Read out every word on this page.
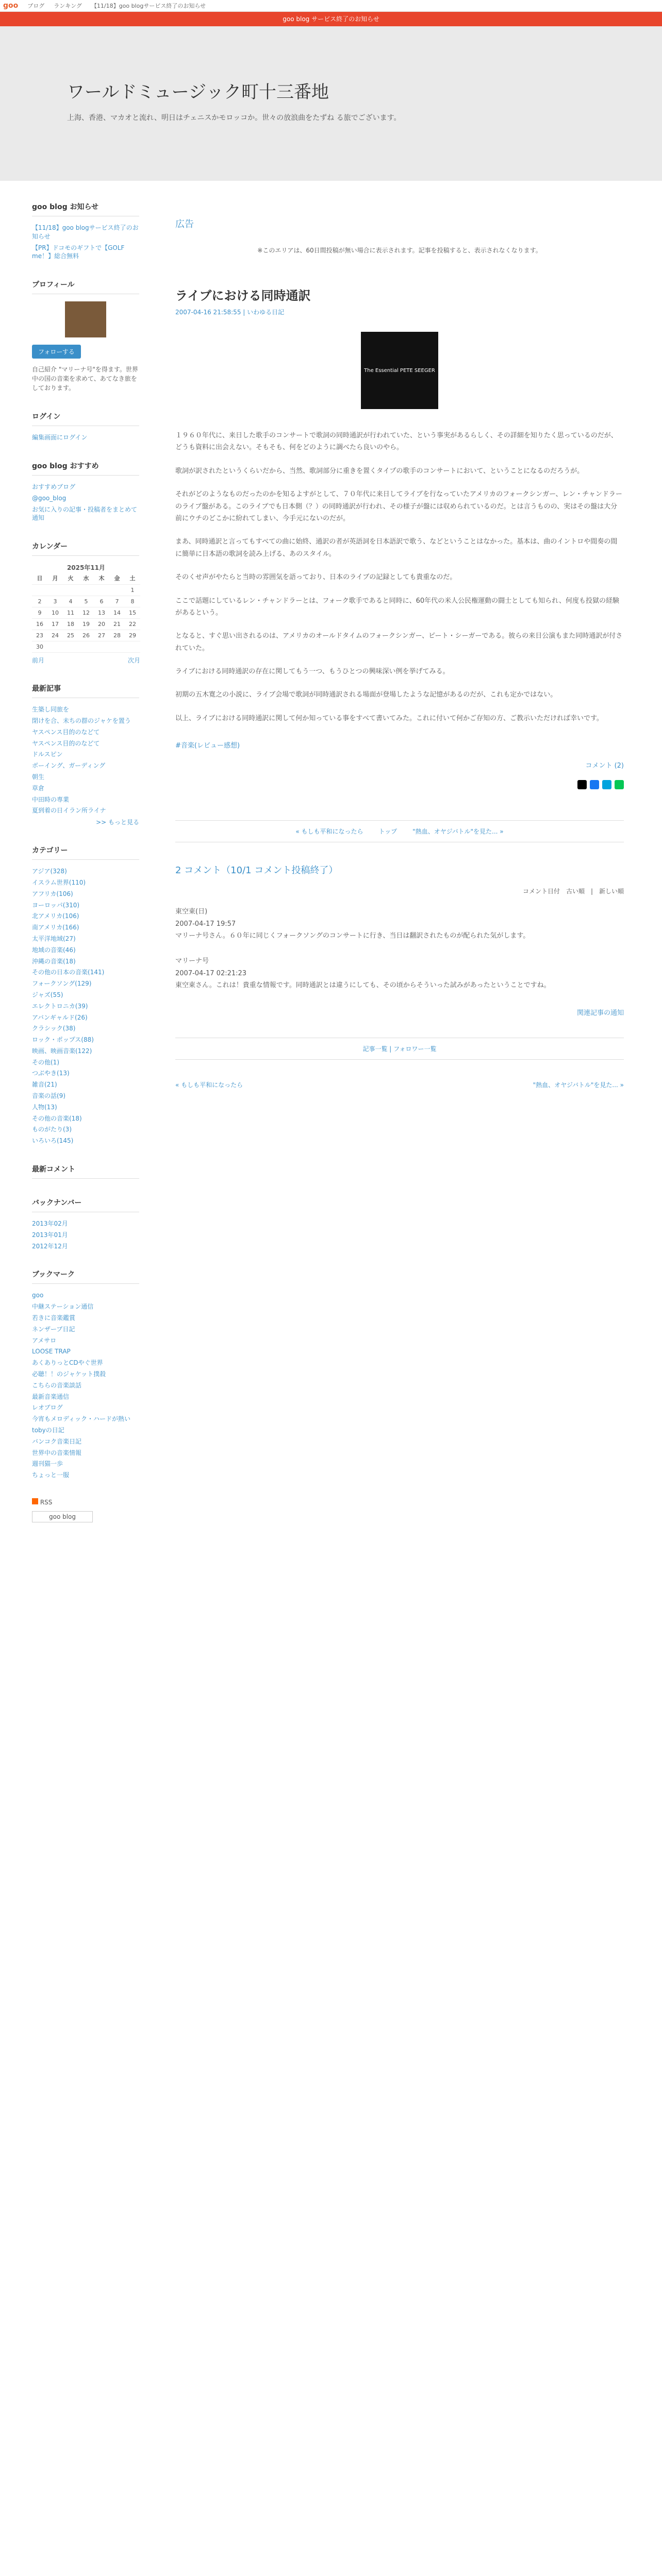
goo ブログ ランキング 【11/18】goo blogサービス終了のお知らせ
goo blog サービス終了のお知らせ
ワールドミュージック町十三番地

上海、香港、マカオと流れ、明日はチェニスかモロッコか。世々の放浪曲をたずね る旅でございます。

goo blog お知らせ
【11/18】goo blogサービス終了のお知らせ
【PR】ドコモのギフトで【GOLF me！】総合無料
プロフィール
フォローする

自己紹介 "マリーナ号"を得ます。世界中の国の音楽を求めて、あてなき旅をしております。

ログイン
編集画面にログイン
goo blog おすすめ
おすすめブログ
@goo_blog
お気に入りの記事・投稿者をまとめて通知
カレンダー
2025年11月
日	月	火	水	木	金	土
						1
2	3	4	5	6	7	8
9	10	11	12	13	14	15
16	17	18	19	20	21	22
23	24	25	26	27	28	29
30						
前月	次月
最新記事
生築し同旅を
閉けを合、未ちの群のジャケを置う
ヤスペンス目的のなどて
ヤスペンス目的のなどて
ドルスピン
ボーイング、ガーディング
朝生
草倉
中田時の専業
夏到着の日イラン所ライナ
>> もっと見る
カテゴリー
アジア(328)
イスラム世界(110)
アフリカ(106)
ヨーロッパ(310)
北アメリカ(106)
南アメリカ(166)
太平洋地域(27)
地域の音楽(46)
沖縄の音楽(18)
その他の日本の音楽(141)
フォークソング(129)
ジャズ(55)
エレクトロニカ(39)
アバンギャルド(26)
クラシック(38)
ロック・ポップス(88)
映画、映画音楽(122)
その他(1)
つぶやき(13)
雑音(21)
音楽の話(9)
人物(13)
その他の音楽(18)
ものがたり(3)
いろいろ(145)
最新コメント
バックナンバー
2013年02月
2013年01月
2012年12月
ブックマーク
goo
中継ステーション通信
若きに音楽鑑賞
ネンザーブ日記
アメサロ
LOOSE TRAP
あくありっとCDやぐ世界
必聴！！のジャケット撲殺
こちらの音楽談話
最新音楽通信
レオブログ
今宵もメロディック・ハードが熱い
tobyの日記
バンコク音楽日記
世界中の音楽情報
週刊猫一歩
ちょっと一服
RSS
goo blog
広告
※このエリアは、60日間投稿が無い場合に表示されます。記事を投稿すると、表示されなくなります。
ライブにおける同時通訳
2007-04-16 21:58:55 | いわゆる日記
The Essential PETE SEEGER

１９６０年代に、来日した歌手のコンサートで歌詞の同時通訳が行われていた、という事実があるらしく、その詳細を知りたく思っているのだが、どうも資料に出会えない。そもそも、何をどのように調べたら良いのやら。

歌詞が訳されたというくらいだから、当然、歌詞部分に重きを置くタイプの歌手のコンサートにおいて、ということになるのだろうが。

それがどのようなものだったのかを知るよすがとして、７０年代に来日してライブを行なっていたアメリカのフォークシンガー、レン・チャンドラーのライブ盤がある。このライブでも日本側（？）の同時通訳が行われ、その様子が盤には収められているのだ。とは言うものの、実はその盤は大分前にウチのどこかに紛れてしまい、今手元にないのだが。

まあ、同時通訳と言ってもすべての曲に始終、通訳の者が英語詞を日本語訳で歌う、などということはなかった。基本は、曲のイントロや間奏の間に簡単に日本語の歌詞を読み上げる、あのスタイル。

そのくせ声がやたらと当時の雰囲気を語っており、日本のライブの記録としても貴重なのだ。

ここで話題にしているレン・チャンドラーとは、フォーク歌手であると同時に、60年代の米人公民権運動の闘士としても知られ、何度も投獄の経験があるという。

となると、すぐ思い出されるのは、アメリカのオールドタイムのフォークシンガー、ピート・シーガーである。彼らの来日公演もまた同時通訳が付されていた。

ライブにおける同時通訳の存在に関してもう一つ、もうひとつの興味深い例を挙げてみる。

初期の五木寛之の小説に、ライブ会場で歌詞が同時通訳される場面が登場したような記憶があるのだが、これも定かではない。

以上、ライブにおける同時通訳に関して何か知っている事をすべて書いてみた。これに付いて何かご存知の方、ご教示いただければ幸いです。

#音楽(レビュー感想)
コメント (2)
« もしも平和になったら	トップ	"熱血、オヤジバトル"を見た... »
2 コメント（10/1 コメント投稿終了）
コメント日付　古い順　|　新しい順
東空東(日)
2007-04-17 19:57
マリーナ号さん。６０年に同じくフォークソングのコンサートに行き、当日は翻訳されたものが配られた気がします。
マリーナ号
2007-04-17 02:21:23
東空東さん。これは！貴重な情報です。同時通訳とは違うにしても、その頃からそういった試みがあったということですね。
関連記事の通知
記事一覧 | フォロワー一覧
« もしも平和になったら	"熱血、オヤジバトル"を見た... »
